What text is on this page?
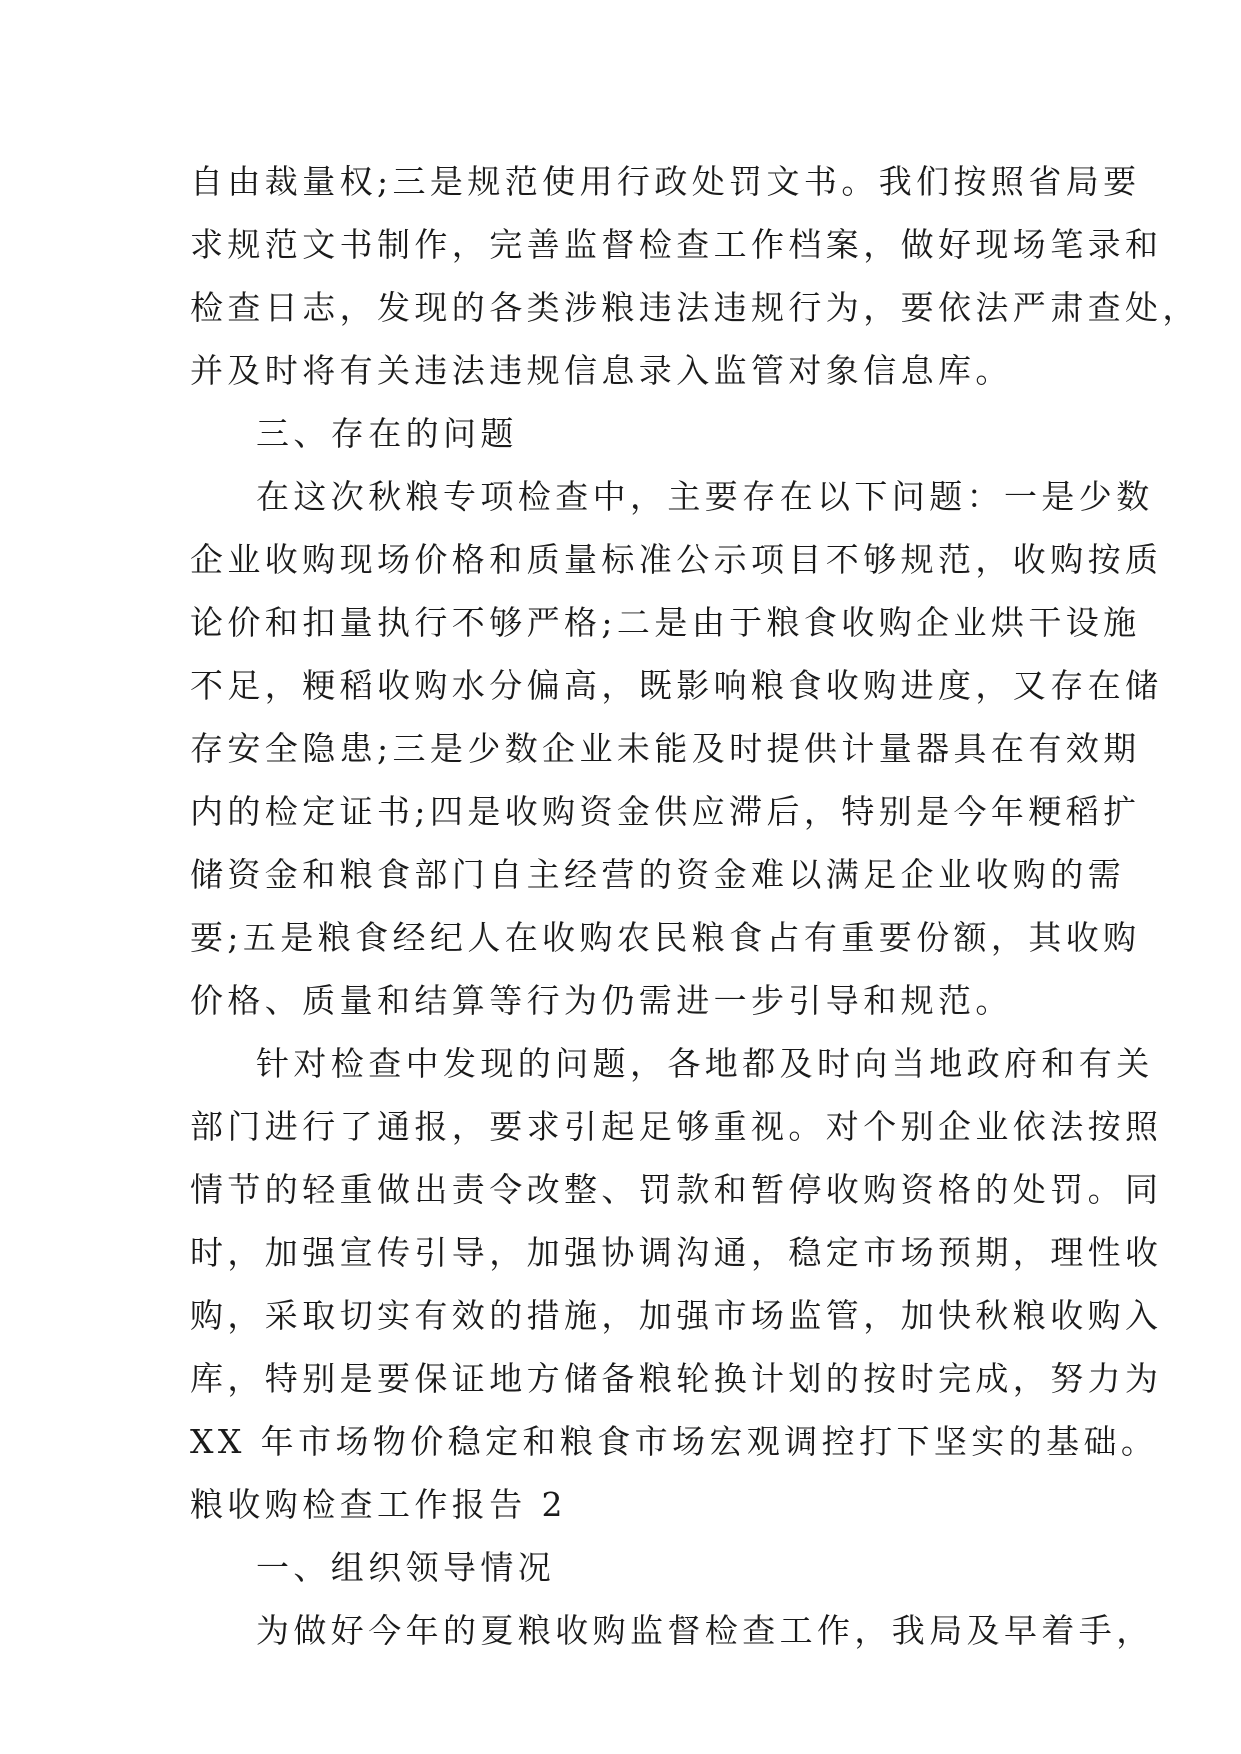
自由裁量权;三是规范使用行政处罚文书。我们按照省局要
求规范文书制作，完善监督检查工作档案，做好现场笔录和
检查日志，发现的各类涉粮违法违规行为，要依法严肃查处，
并及时将有关违法违规信息录入监管对象信息库。
三、存在的问题
在这次秋粮专项检查中，主要存在以下问题：一是少数
企业收购现场价格和质量标准公示项目不够规范，收购按质
论价和扣量执行不够严格;二是由于粮食收购企业烘干设施
不足，粳稻收购水分偏高，既影响粮食收购进度，又存在储
存安全隐患;三是少数企业未能及时提供计量器具在有效期
内的检定证书;四是收购资金供应滞后，特别是今年粳稻扩
储资金和粮食部门自主经营的资金难以满足企业收购的需
要;五是粮食经纪人在收购农民粮食占有重要份额，其收购
价格、质量和结算等行为仍需进一步引导和规范。
针对检查中发现的问题，各地都及时向当地政府和有关
部门进行了通报，要求引起足够重视。对个别企业依法按照
情节的轻重做出责令改整、罚款和暂停收购资格的处罚。同
时，加强宣传引导，加强协调沟通，稳定市场预期，理性收
购，采取切实有效的措施，加强市场监管，加快秋粮收购入
库，特别是要保证地方储备粮轮换计划的按时完成，努力为
XX 年市场物价稳定和粮食市场宏观调控打下坚实的基础。
粮收购检查工作报告 2
一、组织领导情况
为做好今年的夏粮收购监督检查工作，我局及早着手，
